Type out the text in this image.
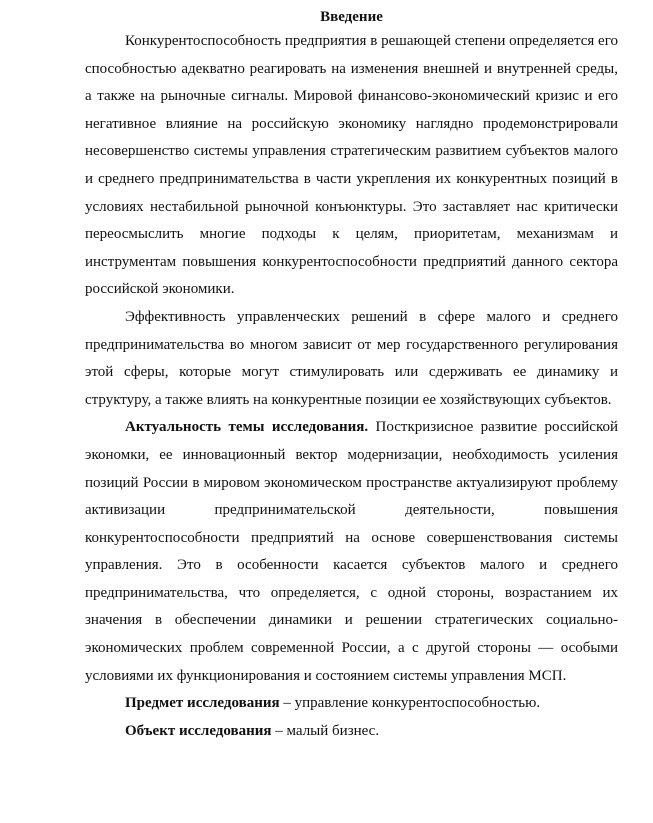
Введение

Конкурентоспособность предприятия в решающей степени определяется его способностью адекватно реагировать на изменения внешней и внутренней среды, а также на рыночные сигналы. Мировой финансово-экономический кризис и его негативное влияние на российскую экономику наглядно продемонстрировали несовершенство системы управления стратегическим развитием субъектов малого и среднего предпринимательства в части укрепления их конкурентных позиций в условиях нестабильной рыночной конъюнктуры. Это заставляет нас критически переосмыслить многие подходы к целям, приоритетам, механизмам и инструментам повышения конкурентоспособности предприятий данного сектора российской экономики.

Эффективность управленческих решений в сфере малого и среднего предпринимательства во многом зависит от мер государственного регулирования этой сферы, которые могут стимулировать или сдерживать ее динамику и структуру, а также влиять на конкурентные позиции ее хозяйствующих субъектов.

Актуальность темы исследования. Посткризисное развитие российской экономки, ее инновационный вектор модернизации, необходимость усиления позиций России в мировом экономическом пространстве актуализируют проблему активизации предпринимательской деятельности, повышения конкурентоспособности предприятий на основе совершенствования системы управления. Это в особенности касается субъектов малого и среднего предпринимательства, что определяется, с одной стороны, возрастанием их значения в обеспечении динамики и решении стратегических социально-экономических проблем современной России, а с другой стороны — особыми условиями их функционирования и состоянием системы управления МСП.

Предмет исследования – управление конкурентоспособностью.

Объект исследования – малый бизнес.
